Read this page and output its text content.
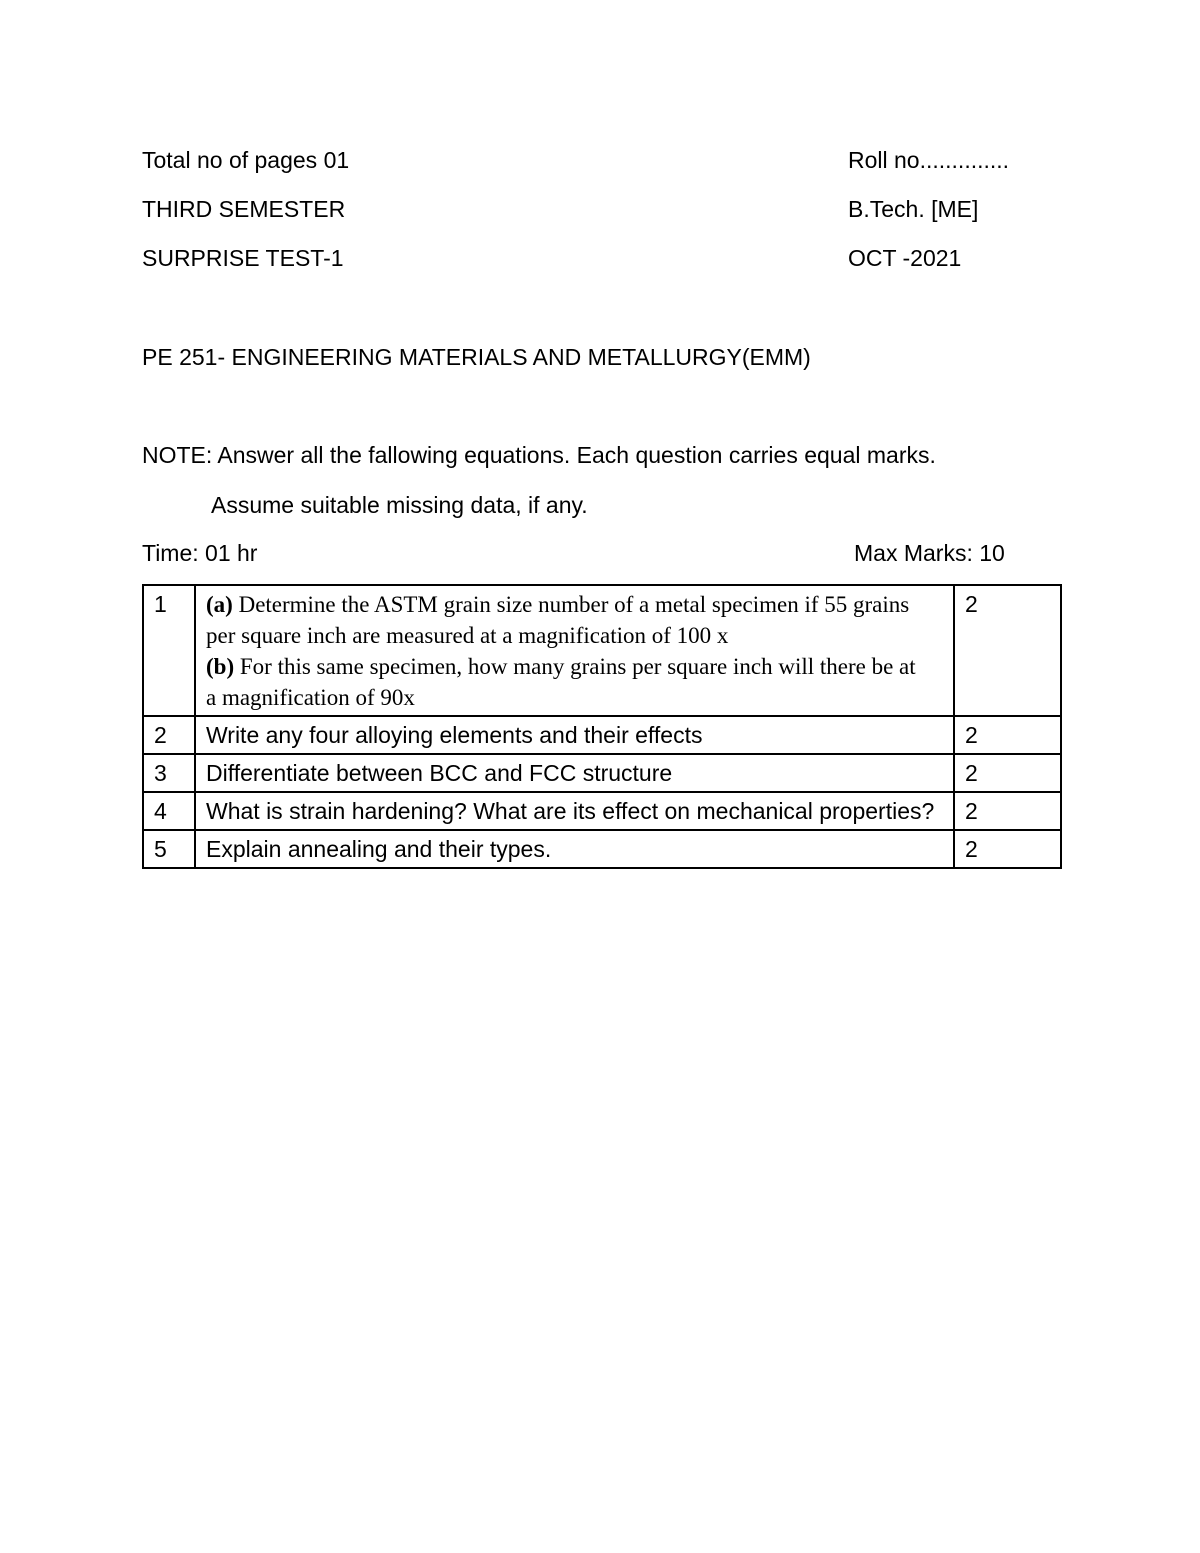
Total no of pages 01	Roll no..............
THIRD SEMESTER	B.Tech. [ME]
SURPRISE TEST-1	OCT -2021
PE 251- ENGINEERING MATERIALS AND METALLURGY(EMM)
NOTE: Answer all the fallowing equations. Each question carries equal marks.
Assume suitable missing data, if any.
Time: 01 hr	Max Marks: 10
1	(a) Determine the ASTM grain size number of a metal specimen if 55 grains
per square inch are measured at a magnification of 100 x
(b) For this same specimen, how many grains per square inch will there be at
a magnification of 90x	2
2	Write any four alloying elements and their effects	2
3	Differentiate between BCC and FCC structure	2
4	What is strain hardening? What are its effect on mechanical properties?	2
5	Explain annealing and their types.	2
